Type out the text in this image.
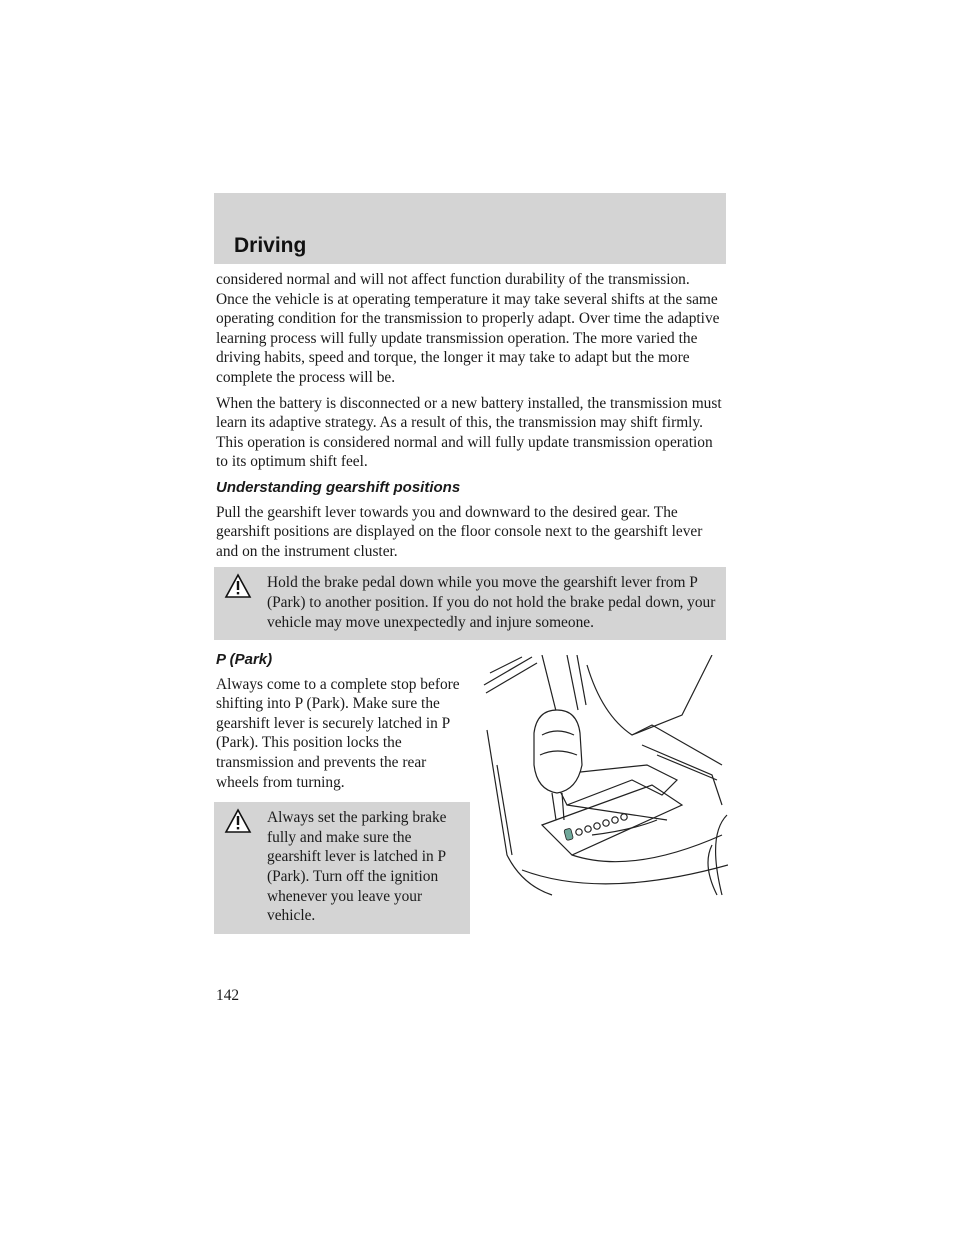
Driving

considered normal and will not affect function durability of the transmission. Once the vehicle is at operating temperature it may take several shifts at the same operating condition for the transmission to properly adapt. Over time the adaptive learning process will fully update transmission operation. The more varied the driving habits, speed and torque, the longer it may take to adapt but the more complete the process will be.

When the battery is disconnected or a new battery installed, the transmission must learn its adaptive strategy. As a result of this, the transmission may shift firmly. This operation is considered normal and will fully update transmission operation to its optimum shift feel.

Understanding gearshift positions

Pull the gearshift lever towards you and downward to the desired gear. The gearshift positions are displayed on the floor console next to the gearshift lever and on the instrument cluster.

Hold the brake pedal down while you move the gearshift lever from P (Park) to another position. If you do not hold the brake pedal down, your vehicle may move unexpectedly and injure someone.
P (Park)

Always come to a complete stop before shifting into P (Park). Make sure the gearshift lever is securely latched in P (Park). This position locks the transmission and prevents the rear wheels from turning.

Always set the parking brake fully and make sure the gearshift lever is latched in P (Park). Turn off the ignition whenever you leave your vehicle.
142
